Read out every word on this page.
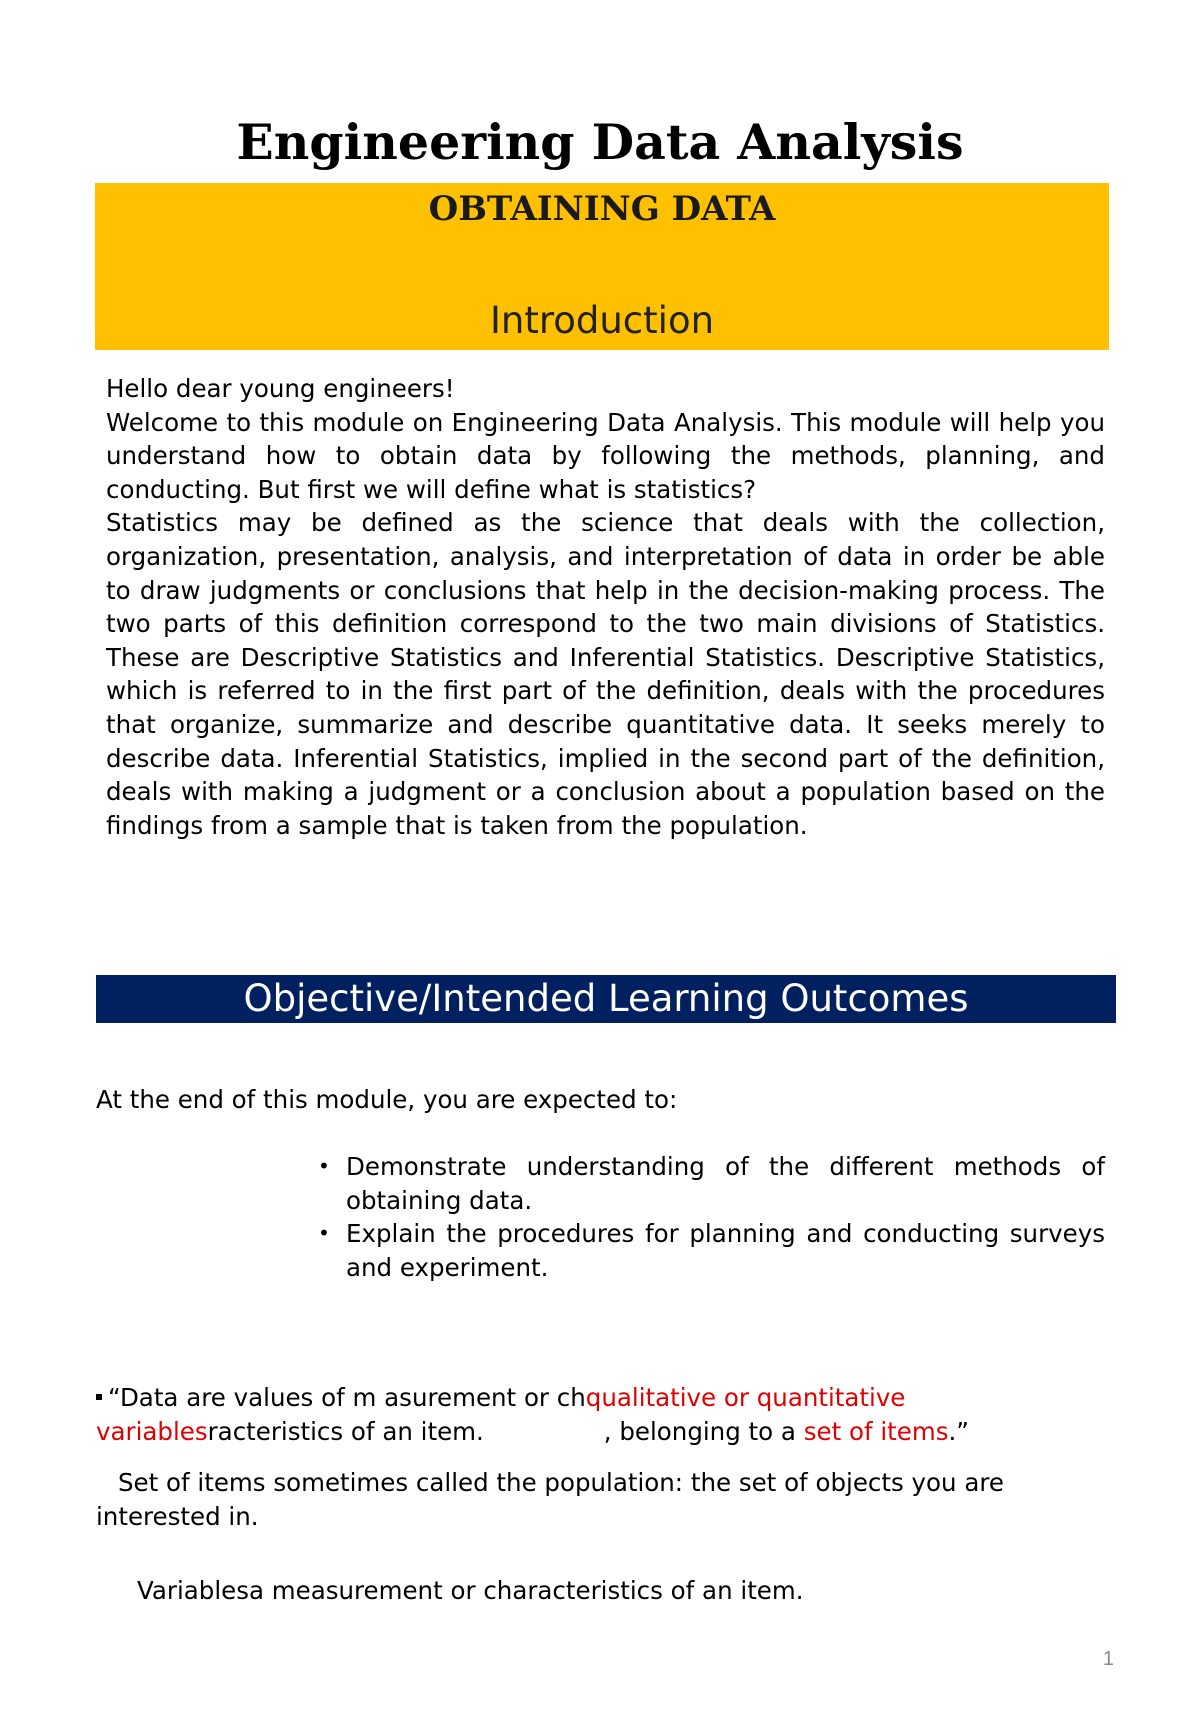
Engineering Data Analysis
OBTAINING DATA
Introduction

Hello dear young engineers!

Welcome to this module on Engineering Data Analysis. This module will help you understand how to obtain data by following the methods, planning, and conducting. But first we will define what is statistics?

Statistics may be defined as the science that deals with the collection, organization, presentation, analysis, and interpretation of data in order be able to draw judgments or conclusions that help in the decision-making process. The two parts of this definition correspond to the two main divisions of Statistics. These are Descriptive Statistics and Inferential Statistics. Descriptive Statistics, which is referred to in the first part of the definition, deals with the procedures that organize, summarize and describe quantitative data. It seeks merely to describe data. Inferential Statistics, implied in the second part of the definition, deals with making a judgment or a conclusion about a population based on the findings from a sample that is taken from the population.

Objective/Intended Learning Outcomes

At the end of this module, you are expected to:

• Demonstrate understanding of the different methods of obtaining data.
• Explain the procedures for planning and conducting surveys and experiment.

“Data are values of m asurement or chqualitative or quantitative variablesracteristics of an item.	, belonging to a set of items.”

Set of items sometimes called the population: the set of objects you are interested in.

Variablesa measurement or characteristics of an item.

1
